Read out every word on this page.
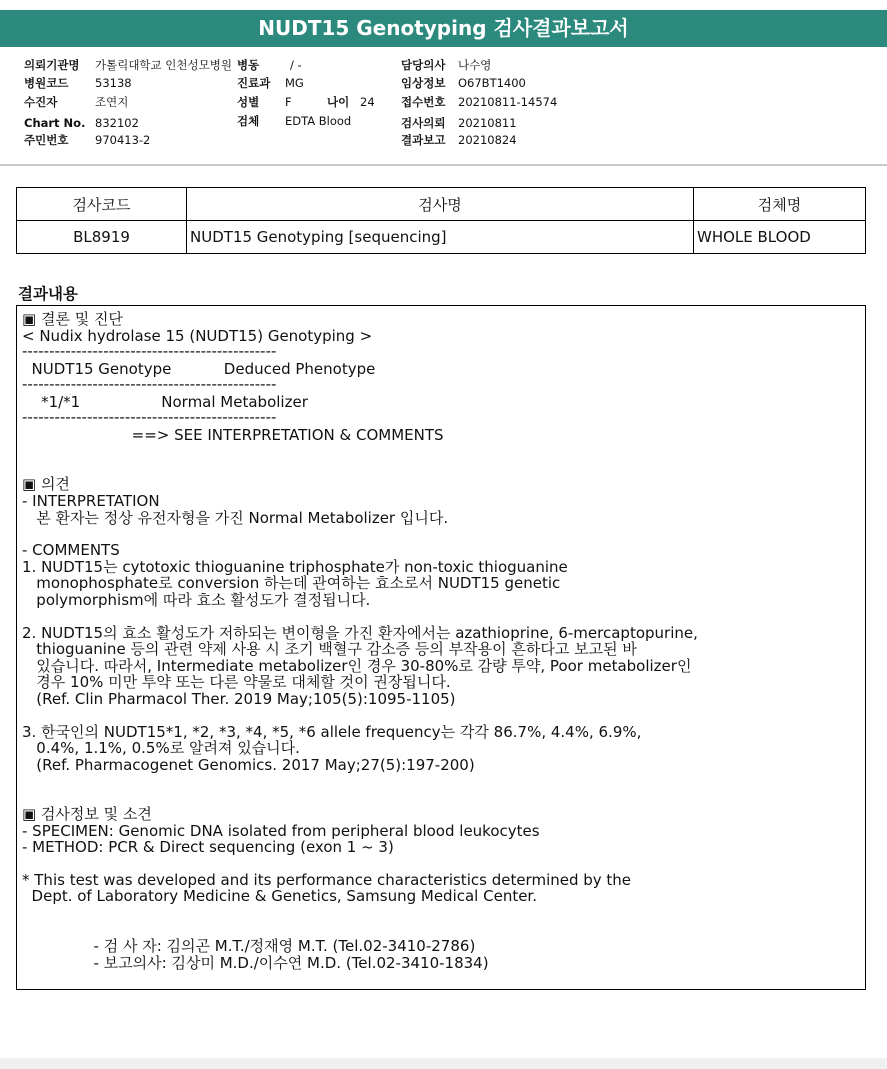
NUDT15 Genotyping 검사결과보고서
의뢰기관명 가톨릭대학교 인천성모병원
병원코드 53138
수진자	조연지
Chart No. 832102
주민번호 970413-2
병동	/ -
진료과 MG
성별 F	나이 24
검체 EDTA Blood
담당의사 나수영
임상정보 O67BT1400
접수번호 20210811-14574
검사의뢰 20210811
결과보고 20210824
검사코드	검사명	검체명
BL8919	NUDT15 Genotyping [sequencing]	WHOLE BLOOD
결과내용
▣ 결론 및 진단
< Nudix hydrolase 15 (NUDT15) Genotyping >
-----------------------------------------------
NUDT15 Genotype           Deduced Phenotype
-----------------------------------------------
*1/*1                 Normal Metabolizer
-----------------------------------------------
==> SEE INTERPRETATION & COMMENTS
▣ 의견
- INTERPRETATION
본 환자는 정상 유전자형을 가진 Normal Metabolizer 입니다.
- COMMENTS
1. NUDT15는 cytotoxic thioguanine triphosphate가 non-toxic thioguanine
monophosphate로 conversion 하는데 관여하는 효소로서 NUDT15 genetic
polymorphism에 따라 효소 활성도가 결정됩니다.
2. NUDT15의 효소 활성도가 저하되는 변이형을 가진 환자에서는 azathioprine, 6-mercaptopurine,
thioguanine 등의 관련 약제 사용 시 조기 백혈구 감소증 등의 부작용이 흔하다고 보고된 바
있습니다. 따라서, Intermediate metabolizer인 경우 30-80%로 감량 투약, Poor metabolizer인
경우 10% 미만 투약 또는 다른 약물로 대체할 것이 권장됩니다.
(Ref. Clin Pharmacol Ther. 2019 May;105(5):1095-1105)
3. 한국인의 NUDT15*1, *2, *3, *4, *5, *6 allele frequency는 각각 86.7%, 4.4%, 6.9%,
0.4%, 1.1%, 0.5%로 알려져 있습니다.
(Ref. Pharmacogenet Genomics. 2017 May;27(5):197-200)
▣ 검사정보 및 소견
- SPECIMEN: Genomic DNA isolated from peripheral blood leukocytes
- METHOD: PCR & Direct sequencing (exon 1 ~ 3)
* This test was developed and its performance characteristics determined by the
Dept. of Laboratory Medicine & Genetics, Samsung Medical Center.
- 검 사 자: 김의곤 M.T./정재영 M.T. (Tel.02-3410-2786)
- 보고의사: 김상미 M.D./이수연 M.D. (Tel.02-3410-1834)
